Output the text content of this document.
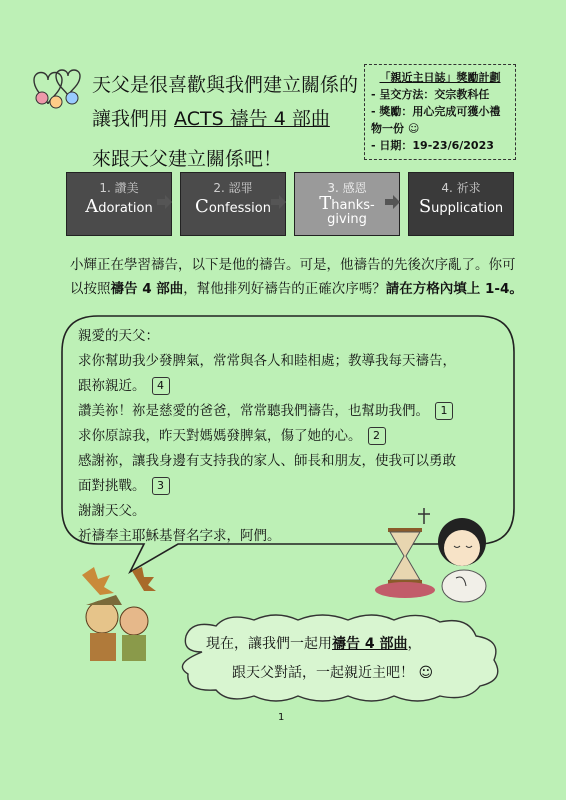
天父是很喜歡與我們建立關係的
讓我們用 ACTS 禱告 4 部曲
來跟天父建立關係吧！
「親近主日誌」獎勵計劃
- 呈交方法：交宗教科任
- 獎勵：用心完成可獲小禮
物一份 ☺
- 日期：19-23/6/2023
1. 讚美
Adoration
2. 認罪
Confession
3. 感恩
Thanks-
giving
4. 祈求
Supplication
小輝正在學習禱告，以下是他的禱告。可是，他禱告的先後次序亂了。你可
以按照禱告 4 部曲，幫他排列好禱告的正確次序嗎？請在方格內填上 1-4。
親愛的天父：
求你幫助我少發脾氣，常常與各人和睦相處；教導我每天禱告，
跟祢親近。 4
讚美祢！祢是慈愛的爸爸，常常聽我們禱告，也幫助我們。 1
求你原諒我，昨天對媽媽發脾氣，傷了她的心。 2
感謝祢，讓我身邊有支持我的家人、師長和朋友，使我可以勇敢
面對挑戰。 3
謝謝天父。
祈禱奉主耶穌基督名字求，阿們。
現在，讓我們一起用禱告 4 部曲，
跟天父對話，一起親近主吧！ ☺
1
